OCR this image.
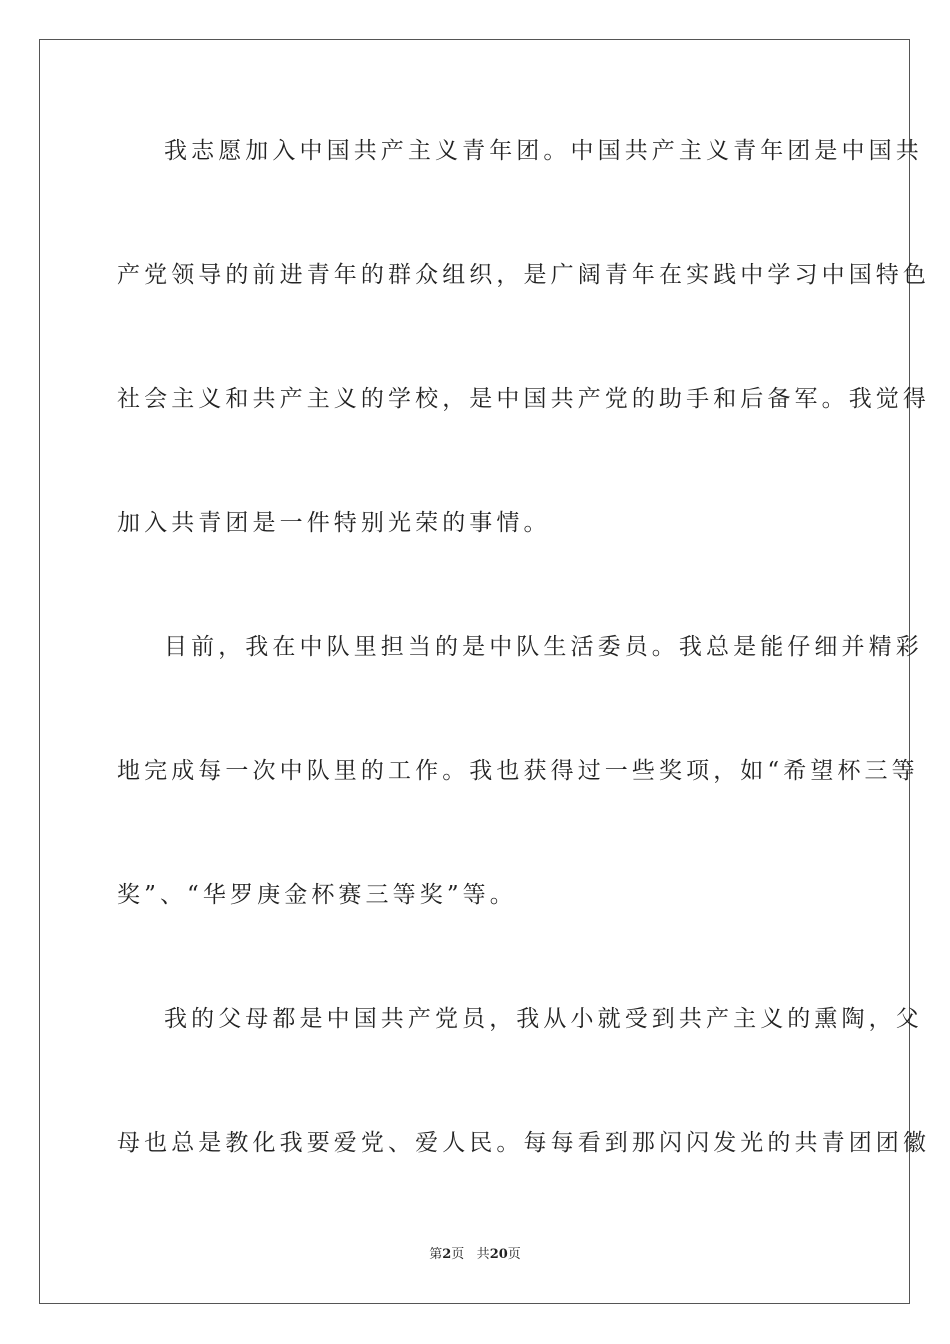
我志愿加入中国共产主义青年团。中国共产主义青年团是中国共
产党领导的前进青年的群众组织，是广阔青年在实践中学习中国特色
社会主义和共产主义的学校，是中国共产党的助手和后备军。我觉得
加入共青团是一件特别光荣的事情。
目前，我在中队里担当的是中队生活委员。我总是能仔细并精彩
地完成每一次中队里的工作。我也获得过一些奖项，如“希望杯三等
奖”、“华罗庚金杯赛三等奖”等。
我的父母都是中国共产党员，我从小就受到共产主义的熏陶，父
母也总是教化我要爱党、爱人民。每每看到那闪闪发光的共青团团徽
第2页 共20页
